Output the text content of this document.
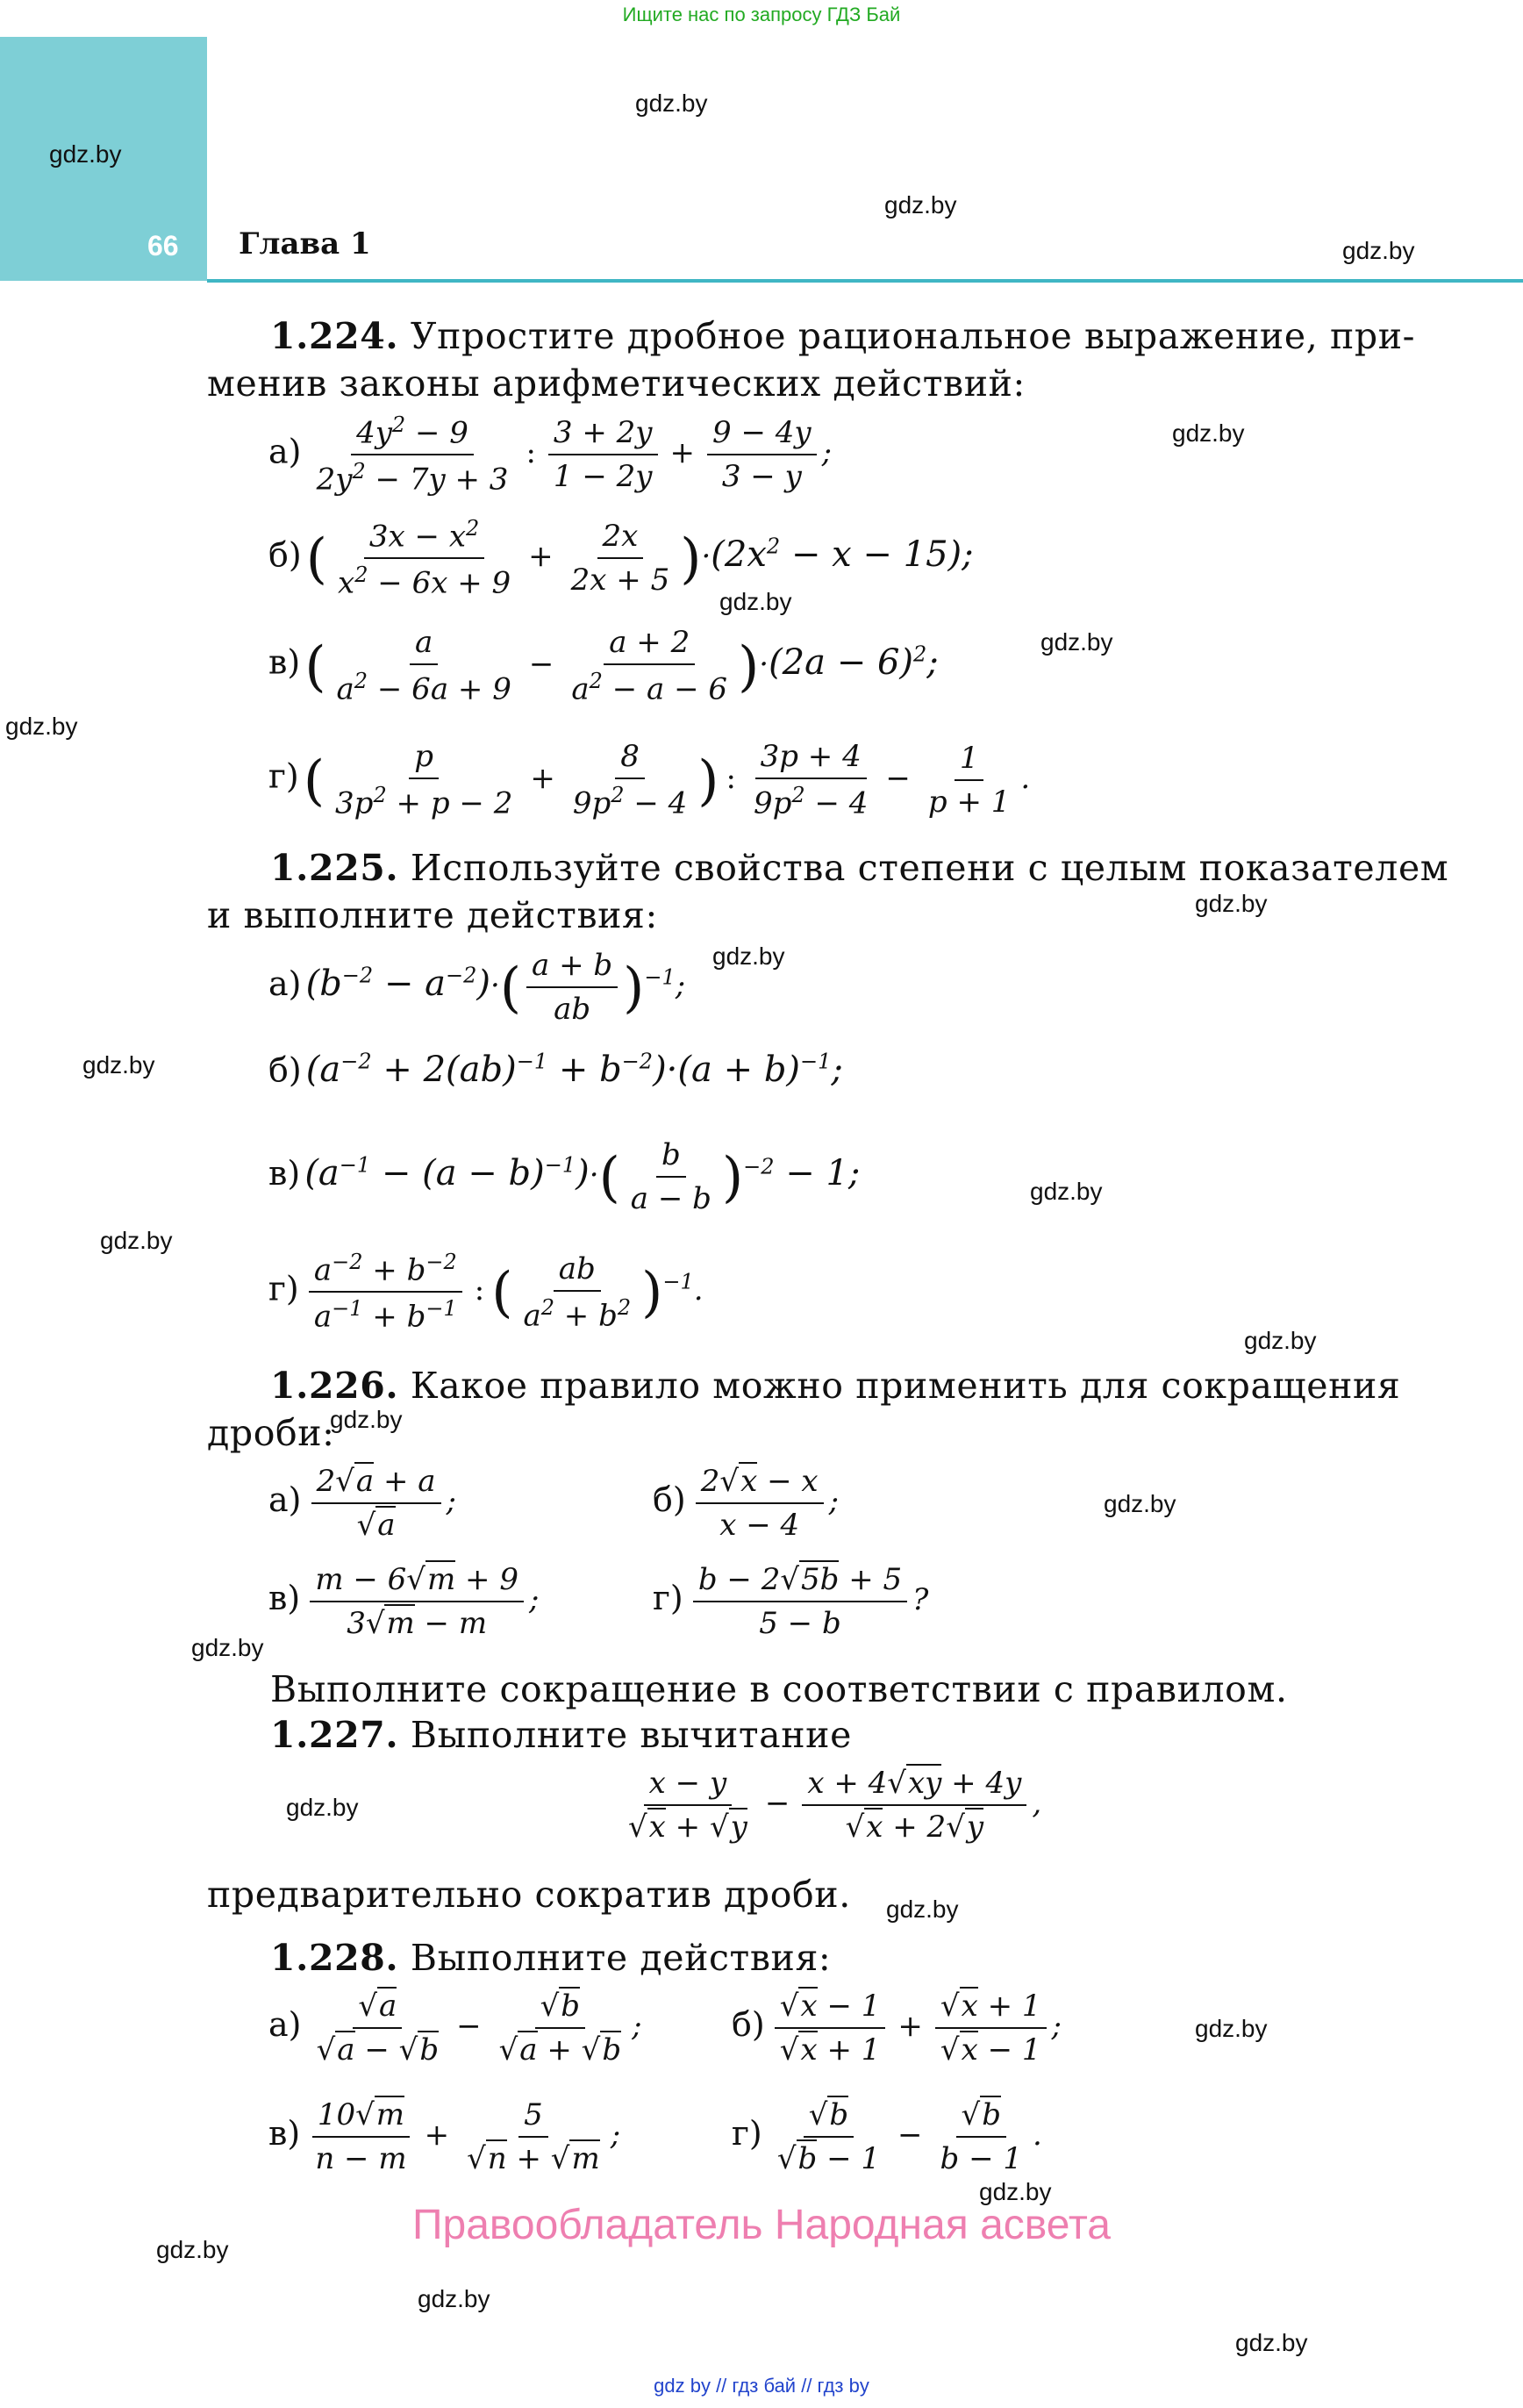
Ищите нас по запросу ГДЗ Бай
66 Глава 1
gdz.by
gdz.by
gdz.by
gdz.by
gdz.by
gdz.by
gdz.by
gdz.by
gdz.by
gdz.by
gdz.by
gdz.by
gdz.by
gdz.by
gdz.by
gdz.by
gdz.by
gdz.by
gdz.by
gdz.by
gdz.by
gdz.by
gdz.by
gdz.by
1.224. Упростите дробное рациональное выражение, при-
менив законы арифметических действий:
$а) \frac{4y^2 - 9}{2y^2 - 7y + 3}$ : $\frac{3 + 2y}{1 - 2y} + \frac{9 - 4y}{3 - y}$ ;
б) ( $\frac{3x - x^2}{x^2 - 6x + 9} + \frac{2x}{2x + 5} )\cdot(2x^2 - x - 15)$;
в) ( $\frac{a}{a^2 - 6a + 9} - \frac{a + 2}{a^2 - a - 6} )\cdot(2a - 6)^2$;
г) ( $\frac{p}{3p^2 + p - 2} + \frac{8}{9p^2 - 4}$ ) : $\frac{3p + 4}{9p^2 - 4} - \frac{1}{p + 1}$ .
1.225. Используйте свойства степени с целым показателем
и выполните действия:
а) $(b^{-2} - a^{-2})\cdot( \frac{a + b}{ab} )^{-1}$;
б) $(a^{-2} + 2(ab)^{-1} + b^{-2})\cdot(a + b)^{-1}$;
в) $(a^{-1} - (a - b)^{-1})\cdot( \frac{b}{a - b} )^{-2} - 1$;
$г) \frac{a^{-2} + b^{-2}}{a^{-1} + b^{-1}}$ : ( $\frac{ab}{a^2 + b^2} )^{-1}$.
1.226. Какое правило можно применить для сокращения
дроби:
$а) \frac{2√a + a}{√a}$ ;	$б) \frac{2√x - x}{x - 4}$ ;
$в) \frac{m - 6√m + 9}{3√m - m}$ ;	$г) \frac{b - 2√5b + 5}{5 - b}$ ?
Выполните сокращение в соответствии с правилом.
1.227. Выполните вычитание
$\frac{x - y}{√x + √y} - \frac{x + 4√xy + 4y}{√x + 2√y}$ ,
предварительно сократив дроби.
1.228. Выполните действия:
$а) \frac{√a}{√a - √b} - \frac{√b}{√a + √b}$ ;	$б) \frac{√x - 1}{√x + 1} + \frac{√x + 1}{√x - 1}$ ;
$в) \frac{10√m}{n - m} + \frac{5}{√n + √m}$ ;	$г) \frac{√b}{√b - 1} - \frac{√b}{b - 1}$ .
Правообладатель Народная асвета
gdz by // гдз бай // гдз by
